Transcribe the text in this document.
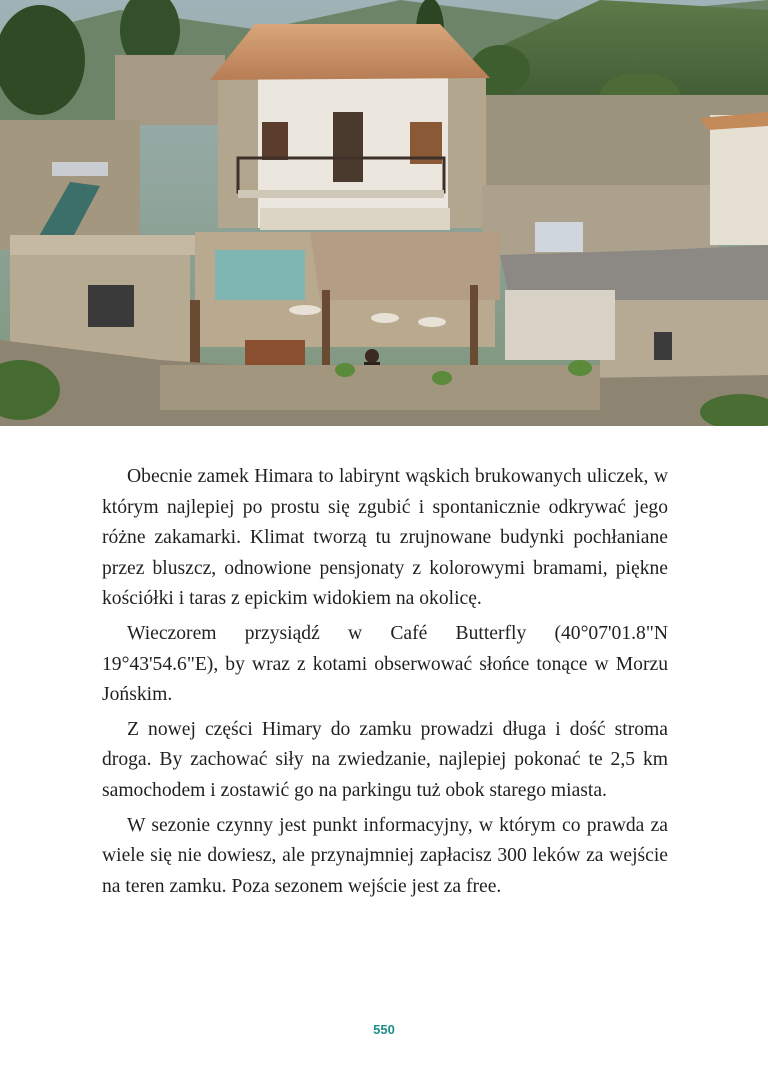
Obecnie zamek Himara to labirynt wąskich brukowanych uliczek, w którym najlepiej po prostu się zgubić i spontanicznie odkrywać jego różne zakamarki. Klimat tworzą tu zrujnowane budynki pochłaniane przez bluszcz, odnowione pensjonaty z kolorowymi bramami, piękne kościółki i taras z epickim widokiem na okolicę.

Wieczorem przysiądź w Café Butterfly (40°07'01.8"N 19°43'54.6"E), by wraz z kotami obserwować słońce tonące w Morzu Jońskim.

Z nowej części Himary do zamku prowadzi długa i dość stroma droga. By zachować siły na zwiedzanie, najlepiej pokonać te 2,5 km samochodem i zostawić go na parkingu tuż obok starego miasta.

W sezonie czynny jest punkt informacyjny, w którym co prawda za wiele się nie dowiesz, ale przynajmniej zapłacisz 300 leków za wejście na teren zamku. Poza sezonem wejście jest za free.

550
